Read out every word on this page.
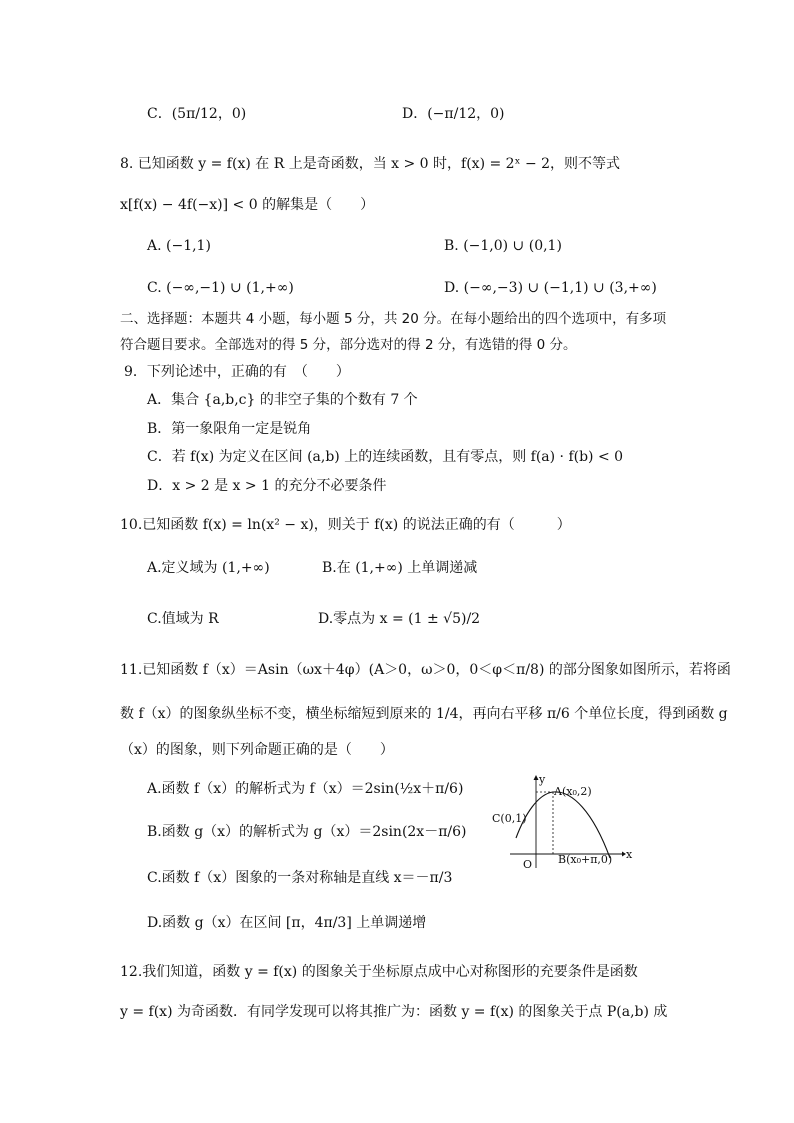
C．(5π/12，0)	D．(−π/12，0)
8. 已知函数 y = f(x) 在 R 上是奇函数，当 x > 0 时，f(x) = 2ˣ − 2，则不等式
x[f(x) − 4f(−x)] < 0 的解集是（　　）
A. (−1,1)	B. (−1,0) ∪ (0,1)
C. (−∞,−1) ∪ (1,+∞)	D. (−∞,−3) ∪ (−1,1) ∪ (3,+∞)
二、选择题：本题共 4 小题，每小题 5 分，共 20 分。在每小题给出的四个选项中，有多项
符合题目要求。全部选对的得 5 分，部分选对的得 2 分，有选错的得 0 分。
9．下列论述中，正确的有　（　　）
A．集合 {a,b,c} 的非空子集的个数有 7 个
B．第一象限角一定是锐角
C．若 f(x) 为定义在区间 (a,b) 上的连续函数，且有零点，则 f(a) · f(b) < 0
D．x > 2 是 x > 1 的充分不必要条件
10.已知函数 f(x) = ln(x² − x)，则关于 f(x) 的说法正确的有（　　　）
A.定义域为 (1,+∞)	B.在 (1,+∞) 上单调递减
C.值域为 R	D.零点为 x = (1 ± √5)/2
11.已知函数 f（x）＝Asin（ωx＋4φ）(A＞0，ω＞0，0＜φ＜π/8) 的部分图象如图所示，若将函
数 f（x）的图象纵坐标不变，横坐标缩短到原来的 1/4，再向右平移 π/6 个单位长度，得到函数 g
（x）的图象，则下列命题正确的是（　　）
A.函数 f（x）的解析式为 f（x）＝2sin(½x＋π/6)
B.函数 g（x）的解析式为 g（x）＝2sin(2x－π/6)
C.函数 f（x）图象的一条对称轴是直线 x＝－π/3
D.函数 g（x）在区间 [π，4π/3] 上单调递增
y
x
O
A(x₀,2)
C(0,1)
B(x₀+π,0)
12.我们知道，函数 y = f(x) 的图象关于坐标原点成中心对称图形的充要条件是函数
y = f(x) 为奇函数．有同学发现可以将其推广为：函数 y = f(x) 的图象关于点 P(a,b) 成
